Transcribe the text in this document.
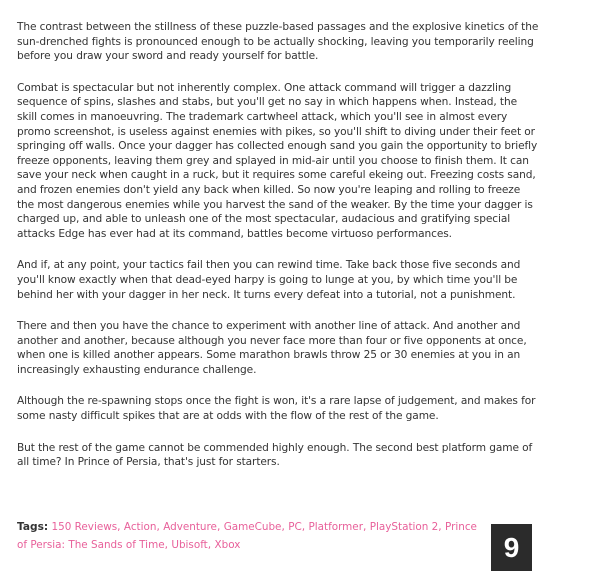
The contrast between the stillness of these puzzle-based passages and the explosive kinetics of the sun-drenched fights is pronounced enough to be actually shocking, leaving you temporarily reeling before you draw your sword and ready yourself for battle.

Combat is spectacular but not inherently complex. One attack command will trigger a dazzling sequence of spins, slashes and stabs, but you'll get no say in which happens when. Instead, the skill comes in manoeuvring. The trademark cartwheel attack, which you'll see in almost every promo screenshot, is useless against enemies with pikes, so you'll shift to diving under their feet or springing off walls. Once your dagger has collected enough sand you gain the opportunity to briefly freeze opponents, leaving them grey and splayed in mid-air until you choose to finish them. It can save your neck when caught in a ruck, but it requires some careful ekeing out. Freezing costs sand, and frozen enemies don't yield any back when killed. So now you're leaping and rolling to freeze the most dangerous enemies while you harvest the sand of the weaker. By the time your dagger is charged up, and able to unleash one of the most spectacular, audacious and gratifying special attacks Edge has ever had at its command, battles become virtuoso performances.

And if, at any point, your tactics fail then you can rewind time. Take back those five seconds and you'll know exactly when that dead-eyed harpy is going to lunge at you, by which time you'll be behind her with your dagger in her neck. It turns every defeat into a tutorial, not a punishment.

There and then you have the chance to experiment with another line of attack. And another and another and another, because although you never face more than four or five opponents at once, when one is killed another appears. Some marathon brawls throw 25 or 30 enemies at you in an increasingly exhausting endurance challenge.

Although the re-spawning stops once the fight is won, it's a rare lapse of judgement, and makes for some nasty difficult spikes that are at odds with the flow of the rest of the game.

But the rest of the game cannot be commended highly enough. The second best platform game of all time? In Prince of Persia, that's just for starters.

Tags: 150 Reviews, Action, Adventure, GameCube, PC, Platformer, PlayStation 2, Prince of Persia: The Sands of Time, Ubisoft, Xbox	9
